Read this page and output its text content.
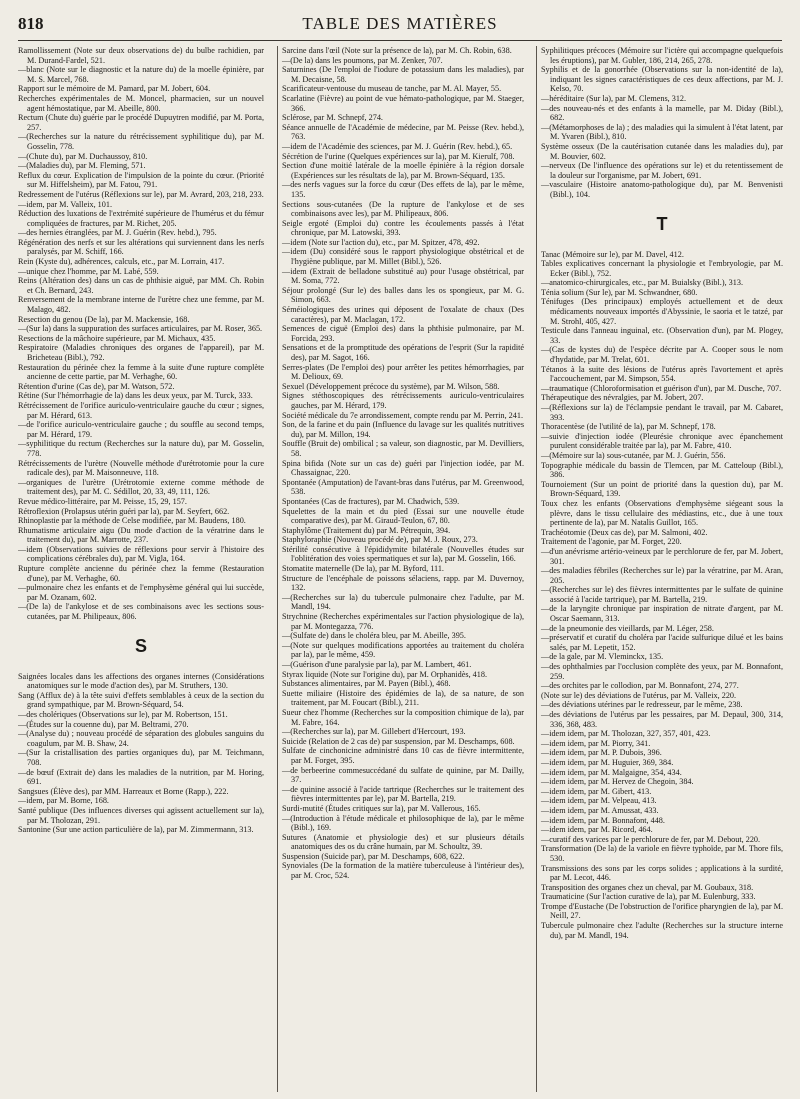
818	TABLE DES MATIÈRES

Ramollissement (Note sur deux observations de) du bulbe rachidien, par M. Durand-Fardel, 521.

—blanc (Note sur le diagnostic et la nature du) de la moelle épinière, par M. S. Marcel, 768.

Rapport sur le mémoire de M. Pamard, par M. Jobert, 604.

Recherches expérimentales de M. Moncel, pharmacien, sur un nouvel agent hémostatique, par M. Abeille, 800.

Rectum (Chute du) guérie par le procédé Dupuytren modifié, par M. Porta, 257.

—(Recherches sur la nature du rétrécissement syphilitique du), par M. Gosselin, 778.

—(Chute du), par M. Duchaussoy, 810.

—(Maladies du), par M. Fleming, 571.

Reflux du cœur. Explication de l'impulsion de la pointe du cœur. (Priorité sur M. Hiffelsheim), par M. Fatou, 791.

Redressement de l'utérus (Réflexions sur le), par M. Avrard, 203, 218, 233.

—idem, par M. Valleix, 101.

Réduction des luxations de l'extrémité supérieure de l'humérus et du fémur compliquées de fractures, par M. Richet, 205.

—des hernies étranglées, par M. J. Guérin (Rev. hebd.), 795.

Régénération des nerfs et sur les altérations qui surviennent dans les nerfs paralysés, par M. Schiff, 166.

Rein (Kyste du), adhérences, calculs, etc., par M. Lorrain, 417.

—unique chez l'homme, par M. Labé, 559.

Reins (Altération des) dans un cas de phthisie aiguë, par MM. Ch. Robin et Ch. Bernard, 243.

Renversement de la membrane interne de l'urètre chez une femme, par M. Malago, 482.

Resection du genou (De la), par M. Mackensie, 168.

—(Sur la) dans la suppuration des surfaces articulaires, par M. Roser, 365.

Resections de la mâchoire supérieure, par M. Michaux, 435.

Respiratoire (Maladies chroniques des organes de l'appareil), par M. Bricheteau (Bibl.), 792.

Restauration du périnée chez la femme à la suite d'une rupture complète ancienne de cette partie, par M. Verhaghe, 60.

Rétention d'urine (Cas de), par M. Watson, 572.

Rétine (Sur l'hémorrhagie de la) dans les deux yeux, par M. Turck, 333.

Rétrécissement de l'orifice auriculo-ventriculaire gauche du cœur ; signes, par M. Hérard, 613.

—de l'orifice auriculo-ventriculaire gauche ; du souffle au second temps, par M. Hérard, 179.

—syphilitique du rectum (Recherches sur la nature du), par M. Gosselin, 778.

Rétrécissements de l'urètre (Nouvelle méthode d'urétrotomie pour la cure radicale des), par M. Maisonneuve, 118.

—organiques de l'urètre (Urétrotomie externe comme méthode de traitement des), par M. C. Sédillot, 20, 33, 49, 111, 126.

Revue médico-littéraire, par M. Peisse, 15, 29, 157.

Rétroflexion (Prolapsus utérin guéri par la), par M. Seyfert, 662.

Rhinoplastie par la méthode de Celse modifiée, par M. Baudens, 180.

Rhumatisme articulaire aigu (Du mode d'action de la vératrine dans le traitement du), par M. Marrotte, 237.

—idem (Observations suivies de réflexions pour servir à l'histoire des complications cérébrales du), par M. Vigla, 164.

Rupture complète ancienne du périnée chez la femme (Restauration d'une), par M. Verhaghe, 60.

—pulmonaire chez les enfants et de l'emphysème général qui lui succède, par M. Ozanam, 602.

—(De la) de l'ankylose et de ses combinaisons avec les sections sous-cutanées, par M. Philipeaux, 806.

S

Saignées locales dans les affections des organes internes (Considérations anatomiques sur le mode d'action des), par M. Struthers, 130.

Sang (Afflux de) à la tête suivi d'effets semblables à ceux de la section du grand sympathique, par M. Brown-Séquard, 54.

—des cholériques (Observations sur le), par M. Robertson, 151.

—(Études sur la couenne du), par M. Beltrami, 270.

—(Analyse du) ; nouveau procédé de séparation des globules sanguins du coagulum, par M. B. Shaw, 24.

—(Sur la cristallisation des parties organiques du), par M. Teichmann, 708.

—de bœuf (Extrait de) dans les maladies de la nutrition, par M. Horing, 691.

Sangsues (Élève des), par MM. Harreaux et Borne (Rapp.), 222.

—idem, par M. Borne, 168.

Santé publique (Des influences diverses qui agissent actuellement sur la), par M. Tholozan, 291.

Santonine (Sur une action particulière de la), par M. Zimmermann, 313.

Sarcine dans l'œil (Note sur la présence de la), par M. Ch. Robin, 638.

—(De la) dans les poumons, par M. Zenker, 707.

Saturnines (De l'emploi de l'iodure de potassium dans les maladies), par M. Decaisne, 58.

Scarificateur-ventouse du museau de tanche, par M. Al. Mayer, 55.

Scarlatine (Fièvre) au point de vue hémato-pathologique, par M. Staeger, 366.

Sclérose, par M. Schnepf, 274.

Séance annuelle de l'Académie de médecine, par M. Peisse (Rev. hebd.), 763.

—idem de l'Académie des sciences, par M. J. Guérin (Rev. hebd.), 65.

Sécrétion de l'urine (Quelques expériences sur la), par M. Kierulf, 708.

Section d'une moitié latérale de la moelle épinière à la région dorsale (Expériences sur les résultats de la), par M. Brown-Séquard, 135.

—des nerfs vagues sur la force du cœur (Des effets de la), par le même, 135.

Sections sous-cutanées (De la rupture de l'ankylose et de ses combinaisons avec les), par M. Philipeaux, 806.

Seigle ergoté (Emploi du) contre les écoulements passés à l'état chronique, par M. Latowski, 393.

—idem (Note sur l'action du), etc., par M. Spitzer, 478, 492.

—idem (Du) considéré sous le rapport physiologique obstétrical et de l'hygiène publique, par M. Millet (Bibl.), 526.

—idem (Extrait de belladone substitué au) pour l'usage obstétrical, par M. Soma, 772.

Séjour prolongé (Sur le) des balles dans les os spongieux, par M. G. Simon, 663.

Séméiologiques des urines qui déposent de l'oxalate de chaux (Des caractères), par M. Maclagan, 172.

Semences de ciguë (Emploi des) dans la phthisie pulmonaire, par M. Forcida, 293.

Sensations et de la promptitude des opérations de l'esprit (Sur la rapidité des), par M. Sagot, 166.

Serres-plates (De l'emploi des) pour arrêter les petites hémorrhagies, par M. Delioux, 69.

Sexuel (Développement précoce du système), par M. Wilson, 588.

Signes stéthoscopiques des rétrécissements auriculo-ventriculaires gauches, par M. Hérard, 179.

Société médicale du 7e arrondissement, compte rendu par M. Perrin, 241.

Son, de la farine et du pain (Influence du lavage sur les qualités nutritives du), par M. Millon, 194.

Souffle (Bruit de) ombilical ; sa valeur, son diagnostic, par M. Devilliers, 58.

Spina bifida (Note sur un cas de) guéri par l'injection iodée, par M. Chassaignac, 220.

Spontanée (Amputation) de l'avant-bras dans l'utérus, par M. Greenwood, 538.

Spontanées (Cas de fractures), par M. Chadwich, 539.

Squelettes de la main et du pied (Essai sur une nouvelle étude comparative des), par M. Giraud-Teulon, 67, 80.

Staphylôme (Traitement du) par M. Pétrequin, 394.

Staphyloraphie (Nouveau procédé de), par M. J. Roux, 273.

Stérilité consécutive à l'épididymite bilatérale (Nouvelles études sur l'oblitération des voies spermatiques et sur la), par M. Gosselin, 166.

Stomatite maternelle (De la), par M. Byford, 111.

Structure de l'encéphale de poissons sélaciens, rapp. par M. Duvernoy, 132.

—(Recherches sur la) du tubercule pulmonaire chez l'adulte, par M. Mandl, 194.

Strychnine (Recherches expérimentales sur l'action physiologique de la), par M. Montegazza, 776.

—(Sulfate de) dans le choléra bleu, par M. Abeille, 395.

—(Note sur quelques modifications apportées au traitement du choléra par la), par le même, 459.

—(Guérison d'une paralysie par la), par M. Lambert, 461.

Styrax liquide (Note sur l'origine du), par M. Orphanidès, 418.

Substances alimentaires, par M. Payen (Bibl.), 468.

Suette miliaire (Histoire des épidémies de la), de sa nature, de son traitement, par M. Foucart (Bibl.), 211.

Sueur chez l'homme (Recherches sur la composition chimique de la), par M. Fabre, 164.

—(Recherches sur la), par M. Gillebert d'Hercourt, 193.

Suicide (Relation de 2 cas de) par suspension, par M. Deschamps, 608.

Sulfate de cinchonicine administré dans 10 cas de fièvre intermittente, par M. Forget, 395.

—de berbeerine commesuccédané du sulfate de quinine, par M. Dailly, 37.

—de quinine associé à l'acide tartrique (Recherches sur le traitement des fièvres intermittentes par le), par M. Bartella, 219.

Surdi-mutité (Études critiques sur la), par M. Vallerous, 165.

—(Introduction à l'étude médicale et philosophique de la), par le même (Bibl.), 169.

Sutures (Anatomie et physiologie des) et sur plusieurs détails anatomiques des os du crâne humain, par M. Schoultz, 39.

Suspension (Suicide par), par M. Deschamps, 608, 622.

Synoviales (De la formation de la matière tuberculeuse à l'intérieur des), par M. Croc, 524.

Syphilitiques précoces (Mémoire sur l'ictère qui accompagne quelquefois les éruptions), par M. Gubler, 186, 214, 265, 278.

Syphilis et de la gonorrhée (Observations sur la non-identité de la), indiquant les signes caractéristiques de ces deux affections, par M. J. Kelso, 70.

—héréditaire (Sur la), par M. Clemens, 312.

—des nouveau-nés et des enfants à la mamelle, par M. Diday (Bibl.), 682.

—(Métamorphoses de la) ; des maladies qui la simulent à l'état latent, par M. Yvaren (Bibl.), 810.

Système osseux (De la cautérisation cutanée dans les maladies du), par M. Bouvier, 602.

—nerveux (De l'influence des opérations sur le) et du retentissement de la douleur sur l'organisme, par M. Jobert, 691.

—vasculaire (Histoire anatomo-pathologique du), par M. Benvenisti (Bibl.), 104.

T

Tanac (Mémoire sur le), par M. Davel, 412.

Tables explicatives concernant la physiologie et l'embryologie, par M. Ecker (Bibl.), 752.

—anatomico-chirurgicales, etc., par M. Buialsky (Bibl.), 313.

Ténia solium (Sur le), par M. Schwandner, 680.

Ténifuges (Des principaux) employés actuellement et de deux médicaments nouveaux importés d'Abyssinie, le saoria et le tatzé, par M. Strohl, 405, 427.

Testicule dans l'anneau inguinal, etc. (Observation d'un), par M. Plogey, 33.

—(Cas de kystes du) de l'espèce décrite par A. Cooper sous le nom d'hydatide, par M. Trelat, 601.

Tétanos à la suite des lésions de l'utérus après l'avortement et après l'accouchement, par M. Simpson, 554.

—traumatique (Chloroformisation et guérison d'un), par M. Dusche, 707.

Thérapeutique des névralgies, par M. Jobert, 207.

—(Réflexions sur la) de l'éclampsie pendant le travail, par M. Cabaret, 393.

Thoracentèse (de l'utilité de la), par M. Schnepf, 178.

—suivie d'injection iodée (Pleurésie chronique avec épanchement purulent considérable traitée par la), par M. Fabre, 410.

—(Mémoire sur la) sous-cutanée, par M. J. Guérin, 556.

Topographie médicale du bassin de Tlemcen, par M. Catteloup (Bibl.), 386.

Tournoiement (Sur un point de priorité dans la question du), par M. Brown-Séquard, 139.

Toux chez les enfants (Observations d'emphysème siégeant sous la plèvre, dans le tissu cellulaire des médiastins, etc., due à une toux pertinente de la), par M. Natalis Guillot, 165.

Trachéotomie (Deux cas de), par M. Salmoni, 402.

Traitement de l'agonie, par M. Forget, 220.

—d'un anévrisme artério-veineux par le perchlorure de fer, par M. Jobert, 301.

—des maladies fébriles (Recherches sur le) par la vératrine, par M. Aran, 205.

—(Recherches sur le) des fièvres intermittentes par le sulfate de quinine associé à l'acide tartrique), par M. Bartella, 219.

—de la laryngite chronique par inspiration de nitrate d'argent, par M. Oscar Saemann, 313.

—de la pneumonie des vieillards, par M. Léger, 258.

—préservatif et curatif du choléra par l'acide sulfurique dilué et les bains salés, par M. Lepetit, 152.

—de la gale, par M. Vleminckx, 135.

—des ophthalmies par l'occlusion complète des yeux, par M. Bonnafont, 259.

—des orchites par le collodion, par M. Bonnafont, 274, 277.

(Note sur le) des déviations de l'utérus, par M. Valleix, 220.

—des déviations utérines par le redresseur, par le même, 238.

—des déviations de l'utérus par les pessaires, par M. Depaul, 300, 314, 336, 368, 483.

—idem idem, par M. Tholozan, 327, 357, 401, 423.

—idem idem, par M. Piorry, 341.

—idem idem, par M. P. Dubois, 396.

—idem idem, par M. Huguier, 369, 384.

—idem idem, par M. Malgaigne, 354, 434.

—idem idem, par M. Hervez de Chegoin, 384.

—idem idem, par M. Gibert, 413.

—idem idem, par M. Velpeau, 413.

—idem idem, par M. Amussat, 433.

—idem idem, par M. Bonnafont, 448.

—idem idem, par M. Ricord, 464.

—curatif des varices par le perchlorure de fer, par M. Debout, 220.

Transformation (De la) de la variole en fièvre typhoïde, par M. Thore fils, 530.

Transmissions des sons par les corps solides ; applications à la surdité, par M. Lecot, 446.

Transposition des organes chez un cheval, par M. Goubaux, 318.

Traumaticine (Sur l'action curative de la), par M. Eulenburg, 333.

Trompe d'Eustache (De l'obstruction de l'orifice pharyngien de la), par M. Neill, 27.

Tubercule pulmonaire chez l'adulte (Recherches sur la structure interne du), par M. Mandl, 194.
